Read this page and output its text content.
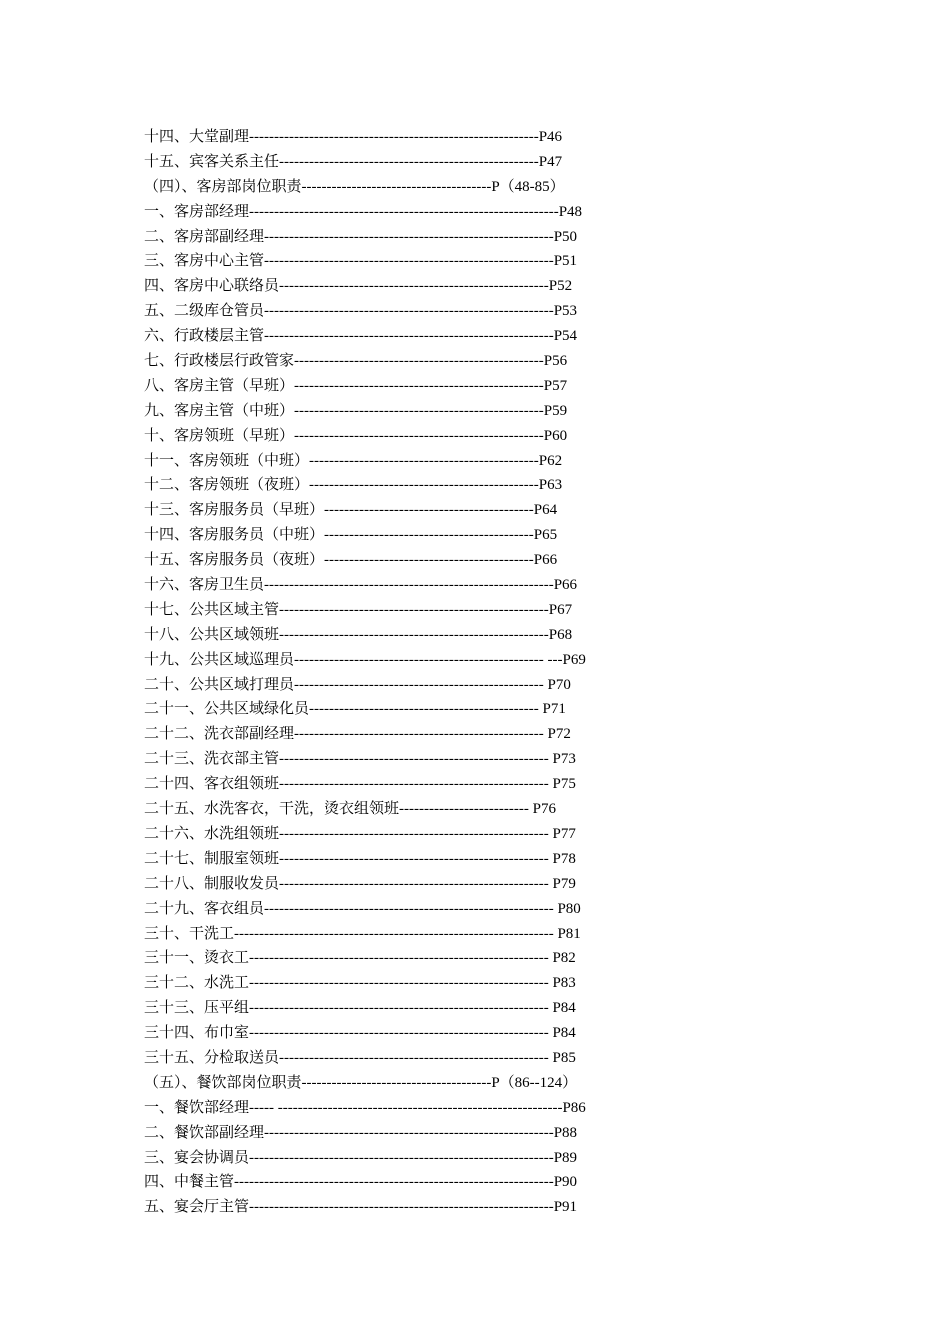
十四、大堂副理----------------------------------------------------------P46
十五、宾客关系主任----------------------------------------------------P47
（四）、客房部岗位职责--------------------------------------P（48-85）
一、客房部经理--------------------------------------------------------------P48
二、客房部副经理----------------------------------------------------------P50
三、客房中心主管----------------------------------------------------------P51
四、客房中心联络员------------------------------------------------------P52
五、二级库仓管员----------------------------------------------------------P53
六、行政楼层主管----------------------------------------------------------P54
七、行政楼层行政管家--------------------------------------------------P56
八、客房主管（早班）--------------------------------------------------P57
九、客房主管（中班）--------------------------------------------------P59
十、客房领班（早班）--------------------------------------------------P60
十一、客房领班（中班）----------------------------------------------P62
十二、客房领班（夜班）----------------------------------------------P63
十三、客房服务员（早班）------------------------------------------P64
十四、客房服务员（中班）------------------------------------------P65
十五、客房服务员（夜班）------------------------------------------P66
十六、客房卫生员----------------------------------------------------------P66
十七、公共区域主管------------------------------------------------------P67
十八、公共区域领班------------------------------------------------------P68
十九、公共区域巡理员-------------------------------------------------- ---P69
二十、公共区域打理员-------------------------------------------------- P70
二十一、公共区域绿化员---------------------------------------------- P71
二十二、洗衣部副经理-------------------------------------------------- P72
二十三、洗衣部主管------------------------------------------------------ P73
二十四、客衣组领班------------------------------------------------------ P75
二十五、水洗客衣，干洗，烫衣组领班-------------------------- P76
二十六、水洗组领班------------------------------------------------------ P77
二十七、制服室领班------------------------------------------------------ P78
二十八、制服收发员------------------------------------------------------ P79
二十九、客衣组员---------------------------------------------------------- P80
三十、干洗工---------------------------------------------------------------- P81
三十一、烫衣工------------------------------------------------------------ P82
三十二、水洗工------------------------------------------------------------ P83
三十三、压平组------------------------------------------------------------ P84
三十四、布巾室------------------------------------------------------------ P84
三十五、分检取送员------------------------------------------------------ P85
（五）、餐饮部岗位职责--------------------------------------P（86--124）
一、餐饮部经理----- ---------------------------------------------------------P86
二、餐饮部副经理----------------------------------------------------------P88
三、宴会协调员-------------------------------------------------------------P89
四、中餐主管----------------------------------------------------------------P90
五、宴会厅主管-------------------------------------------------------------P91
